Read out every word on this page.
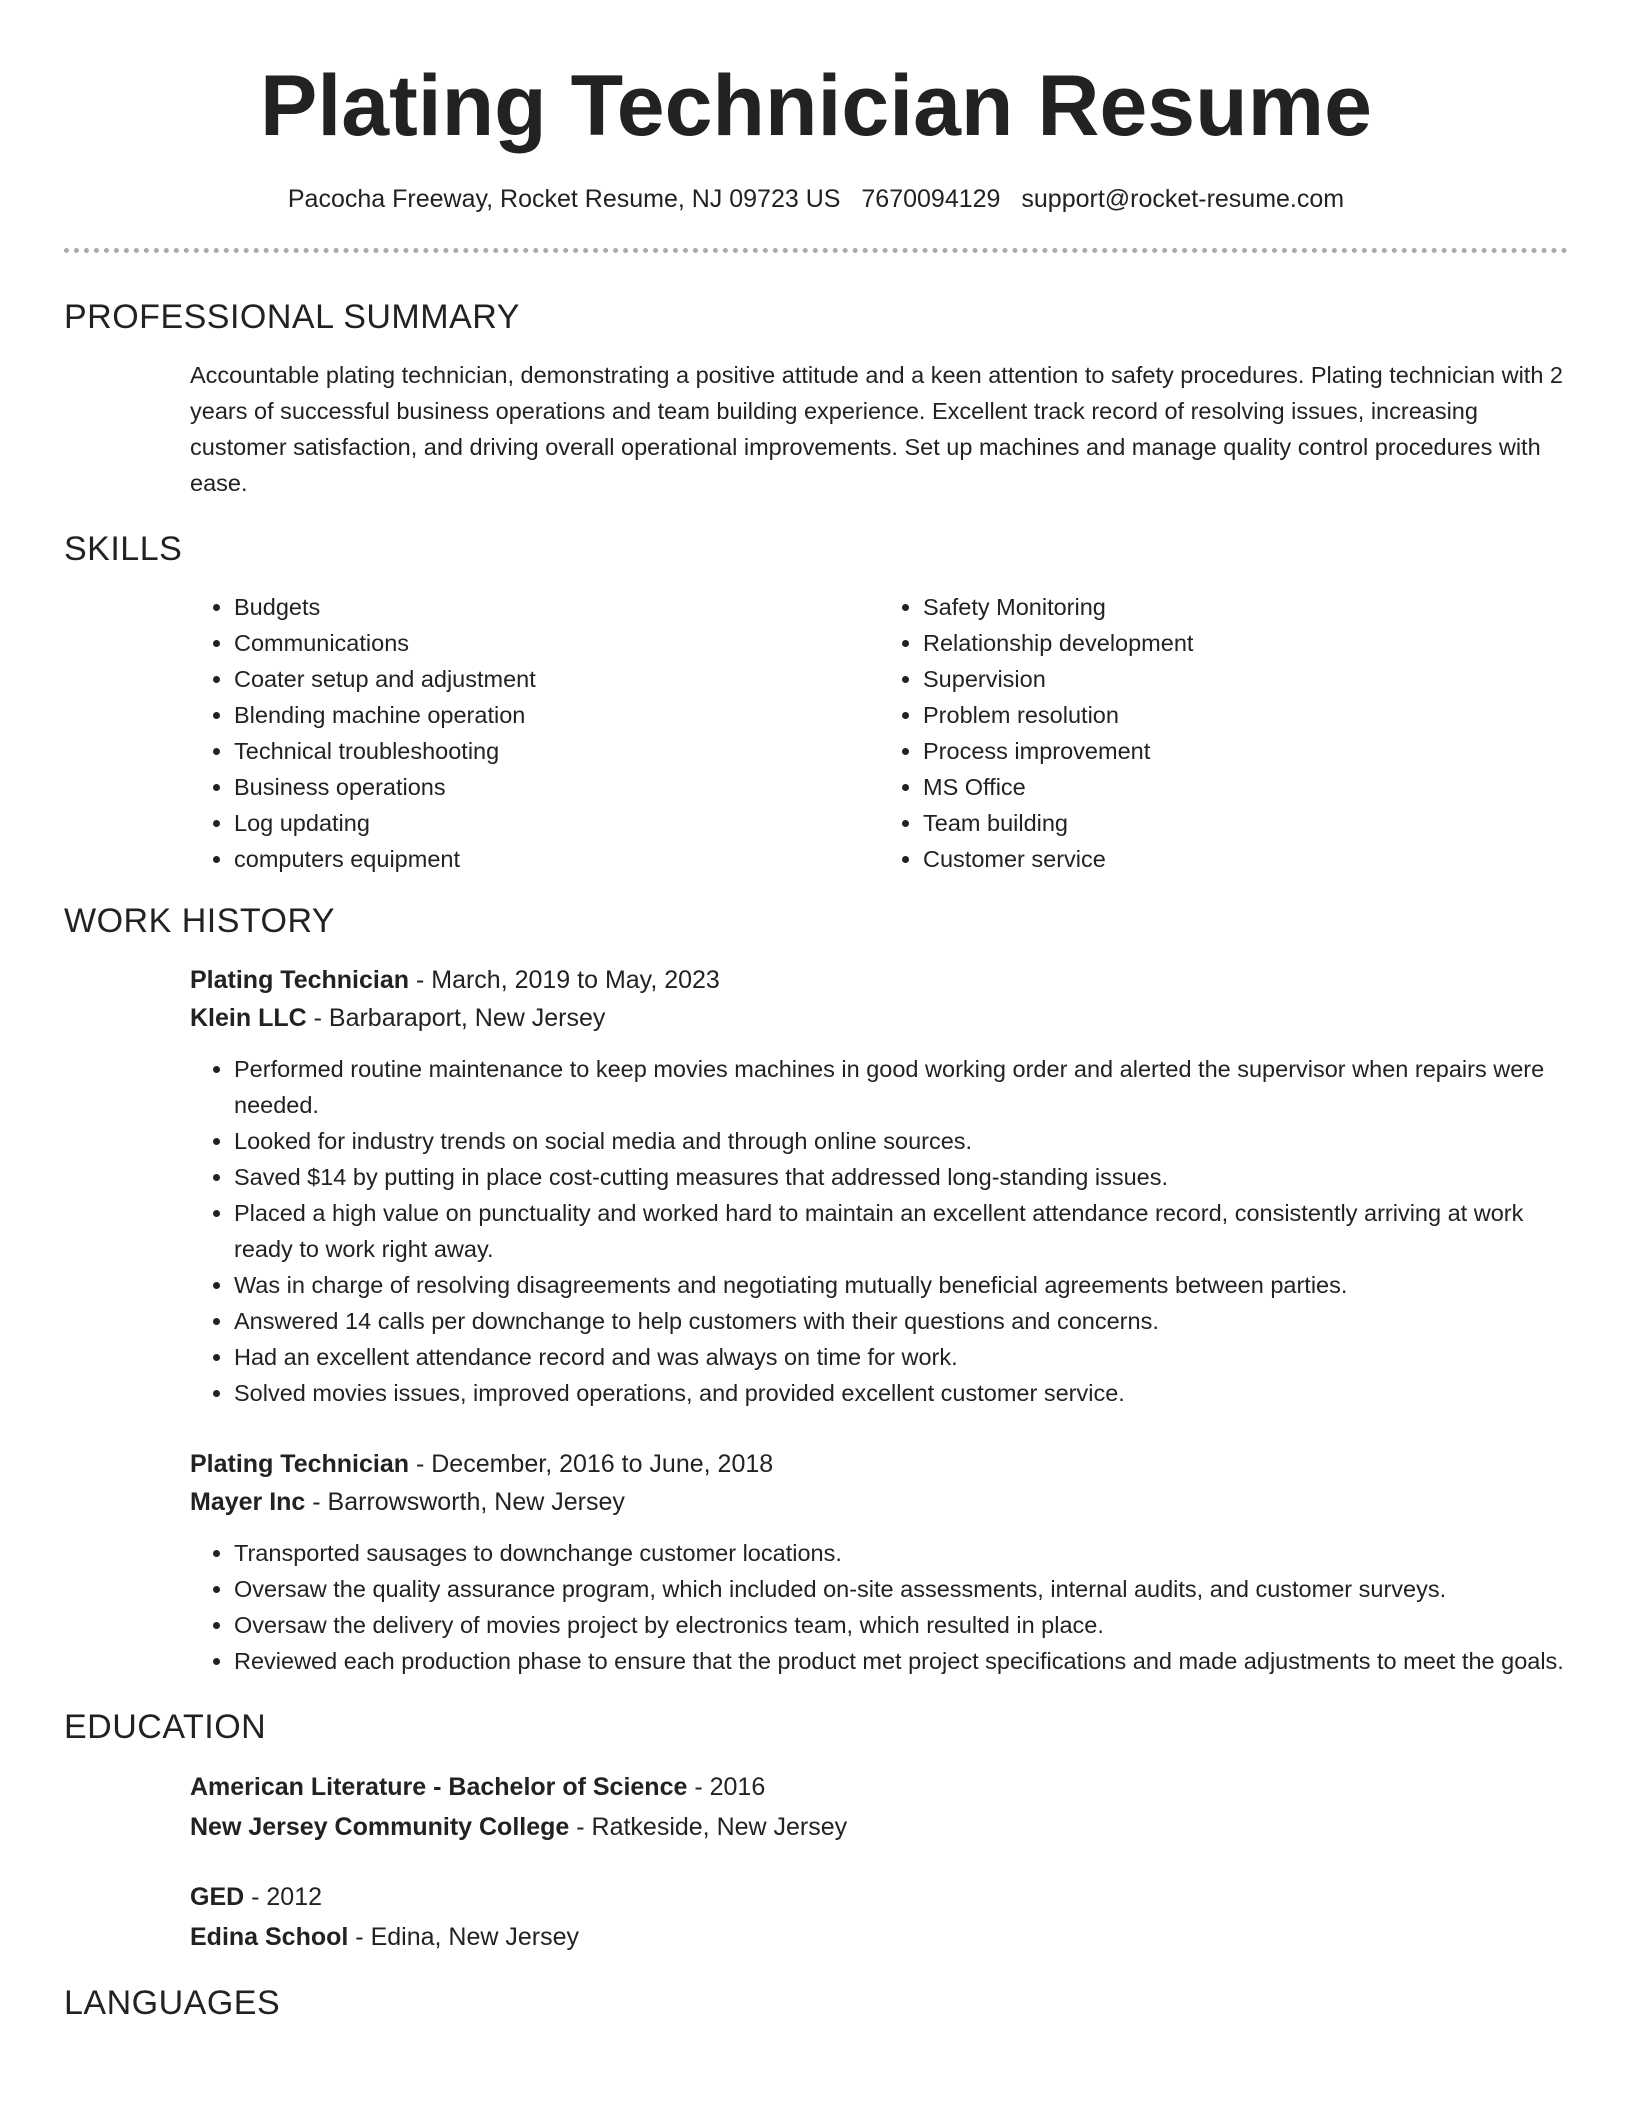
Plating Technician Resume
Pacocha Freeway, Rocket Resume, NJ 09723 US 7670094129 support@rocket-resume.com
PROFESSIONAL SUMMARY
Accountable plating technician, demonstrating a positive attitude and a keen attention to safety procedures. Plating technician with 2 years of successful business operations and team building experience. Excellent track record of resolving issues, increasing customer satisfaction, and driving overall operational improvements. Set up machines and manage quality control procedures with ease.
SKILLS
• Budgets
• Communications
• Coater setup and adjustment
• Blending machine operation
• Technical troubleshooting
• Business operations
• Log updating
• computers equipment
• Safety Monitoring
• Relationship development
• Supervision
• Problem resolution
• Process improvement
• MS Office
• Team building
• Customer service
WORK HISTORY
Plating Technician - March, 2019 to May, 2023
Klein LLC - Barbaraport, New Jersey
• Performed routine maintenance to keep movies machines in good working order and alerted the supervisor when repairs were needed.
• Looked for industry trends on social media and through online sources.
• Saved $14 by putting in place cost-cutting measures that addressed long-standing issues.
• Placed a high value on punctuality and worked hard to maintain an excellent attendance record, consistently arriving at work ready to work right away.
• Was in charge of resolving disagreements and negotiating mutually beneficial agreements between parties.
• Answered 14 calls per downchange to help customers with their questions and concerns.
• Had an excellent attendance record and was always on time for work.
• Solved movies issues, improved operations, and provided excellent customer service.
Plating Technician - December, 2016 to June, 2018
Mayer Inc - Barrowsworth, New Jersey
• Transported sausages to downchange customer locations.
• Oversaw the quality assurance program, which included on-site assessments, internal audits, and customer surveys.
• Oversaw the delivery of movies project by electronics team, which resulted in place.
• Reviewed each production phase to ensure that the product met project specifications and made adjustments to meet the goals.
EDUCATION
American Literature - Bachelor of Science - 2016
New Jersey Community College - Ratkeside, New Jersey
GED - 2012
Edina School - Edina, New Jersey
LANGUAGES
